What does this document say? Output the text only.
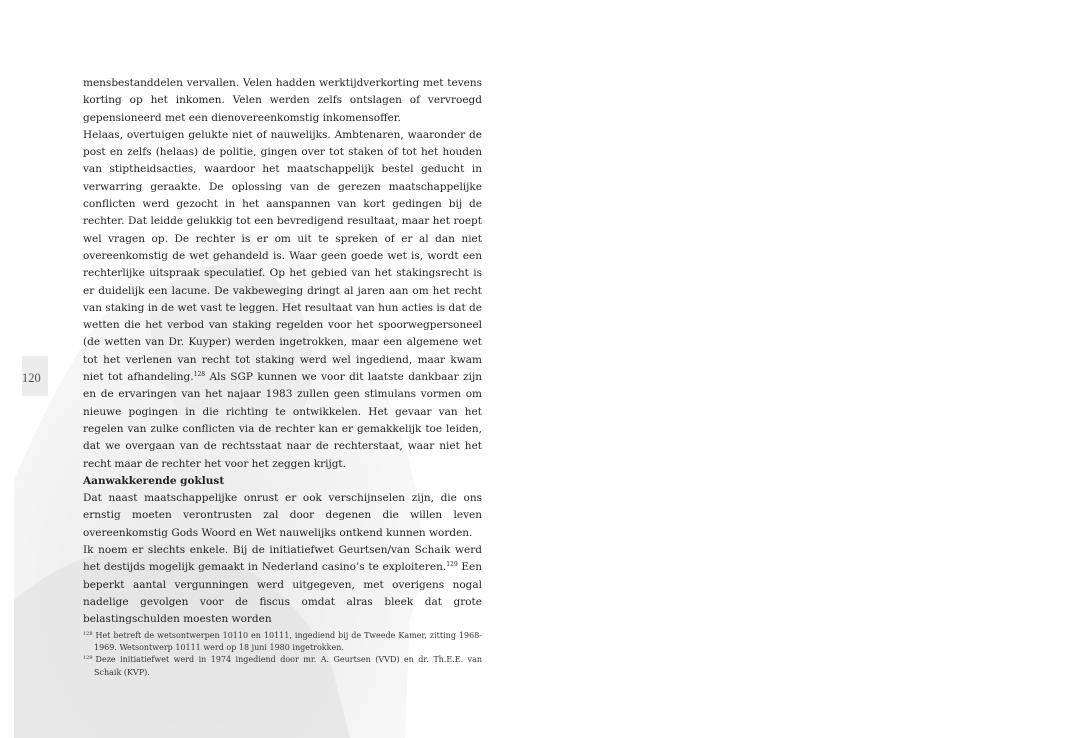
120

mensbestanddelen vervallen. Velen hadden werktijdverkorting met tevens korting op het inkomen. Velen werden zelfs ontslagen of vervroegd gepensioneerd met een dienovereenkomstig inkomensoffer.

Helaas, overtuigen gelukte niet of nauwelijks. Ambtenaren, waaronder de post en zelfs (helaas) de politie, gingen over tot staken of tot het houden van stiptheidsacties, waardoor het maatschappelijk bestel geducht in verwarring geraakte. De oplossing van de gerezen maatschappelijke conflicten werd gezocht in het aanspannen van kort gedingen bij de rechter. Dat leidde gelukkig tot een bevredigend resultaat, maar het roept wel vragen op. De rechter is er om uit te spreken of er al dan niet overeenkomstig de wet gehandeld is. Waar geen goede wet is, wordt een rechterlijke uitspraak speculatief. Op het gebied van het stakingsrecht is er duidelijk een lacune. De vakbeweging dringt al jaren aan om het recht van staking in de wet vast te leggen. Het resultaat van hun acties is dat de wetten die het verbod van staking regelden voor het spoorwegpersoneel (de wetten van Dr. Kuyper) werden ingetrokken, maar een algemene wet tot het verlenen van recht tot staking werd wel ingediend, maar kwam niet tot afhandeling.$^{128}$ Als SGP kunnen we voor dit laatste dankbaar zijn en de ervaringen van het najaar 1983 zullen geen stimulans vormen om nieuwe pogingen in die richting te ontwikkelen. Het gevaar van het regelen van zulke conflicten via de rechter kan er gemakkelijk toe leiden, dat we overgaan van de rechtsstaat naar de rechterstaat, waar niet het recht maar de rechter het voor het zeggen krijgt.

Aanwakkerende goklust

Dat naast maatschappelijke onrust er ook verschijnselen zijn, die ons ernstig moeten verontrusten zal door degenen die willen leven overeenkomstig Gods Woord en Wet nauwelijks ontkend kunnen worden.

Ik noem er slechts enkele. Bij de initiatiefwet Geurtsen/van Schaik werd het destijds mogelijk gemaakt in Nederland casino’s te exploiteren.$^{129}$ Een beperkt aantal vergunningen werd uitgegeven, met overigens nogal nadelige gevolgen voor de fiscus omdat alras bleek dat grote belastingschulden moesten worden

$^{128}$ Het betreft de wetsontwerpen 10110 en 10111, ingediend bij de Tweede Kamer, zitting 1968-1969. Wetsontwerp 10111 werd op 18 juni 1980 ingetrokken.

$^{129}$ Deze initiatiefwet werd in 1974 ingediend door mr. A. Geurtsen (VVD) en dr. Th.E.E. van Schaik (KVP).
